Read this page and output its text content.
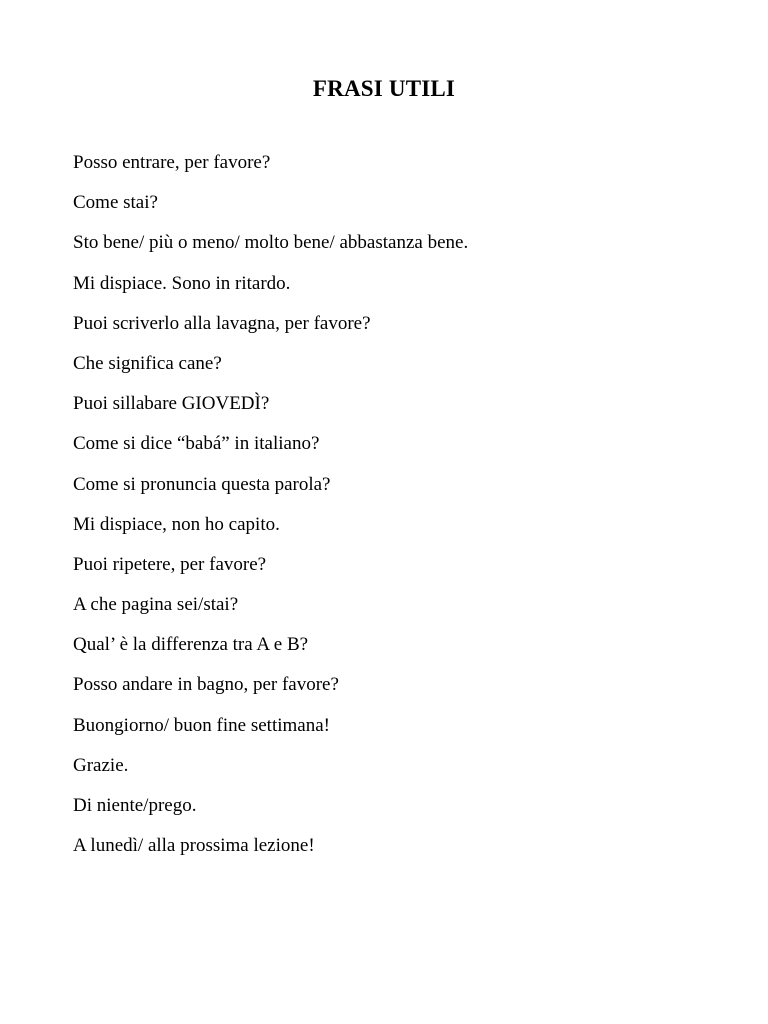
FRASI UTILI
Posso entrare, per favore?
Come stai?
Sto bene/ più o meno/ molto bene/ abbastanza bene.
Mi dispiace. Sono in ritardo.
Puoi scriverlo alla lavagna, per favore?
Che significa cane?
Puoi sillabare GIOVEDÌ?
Come si dice “babá” in italiano?
Come si pronuncia questa parola?
Mi dispiace, non ho capito.
Puoi ripetere, per favore?
A che pagina sei/stai?
Qual’ è la differenza tra A e B?
Posso andare in bagno, per favore?
Buongiorno/ buon fine settimana!
Grazie.
Di niente/prego.
A lunedì/ alla prossima lezione!
